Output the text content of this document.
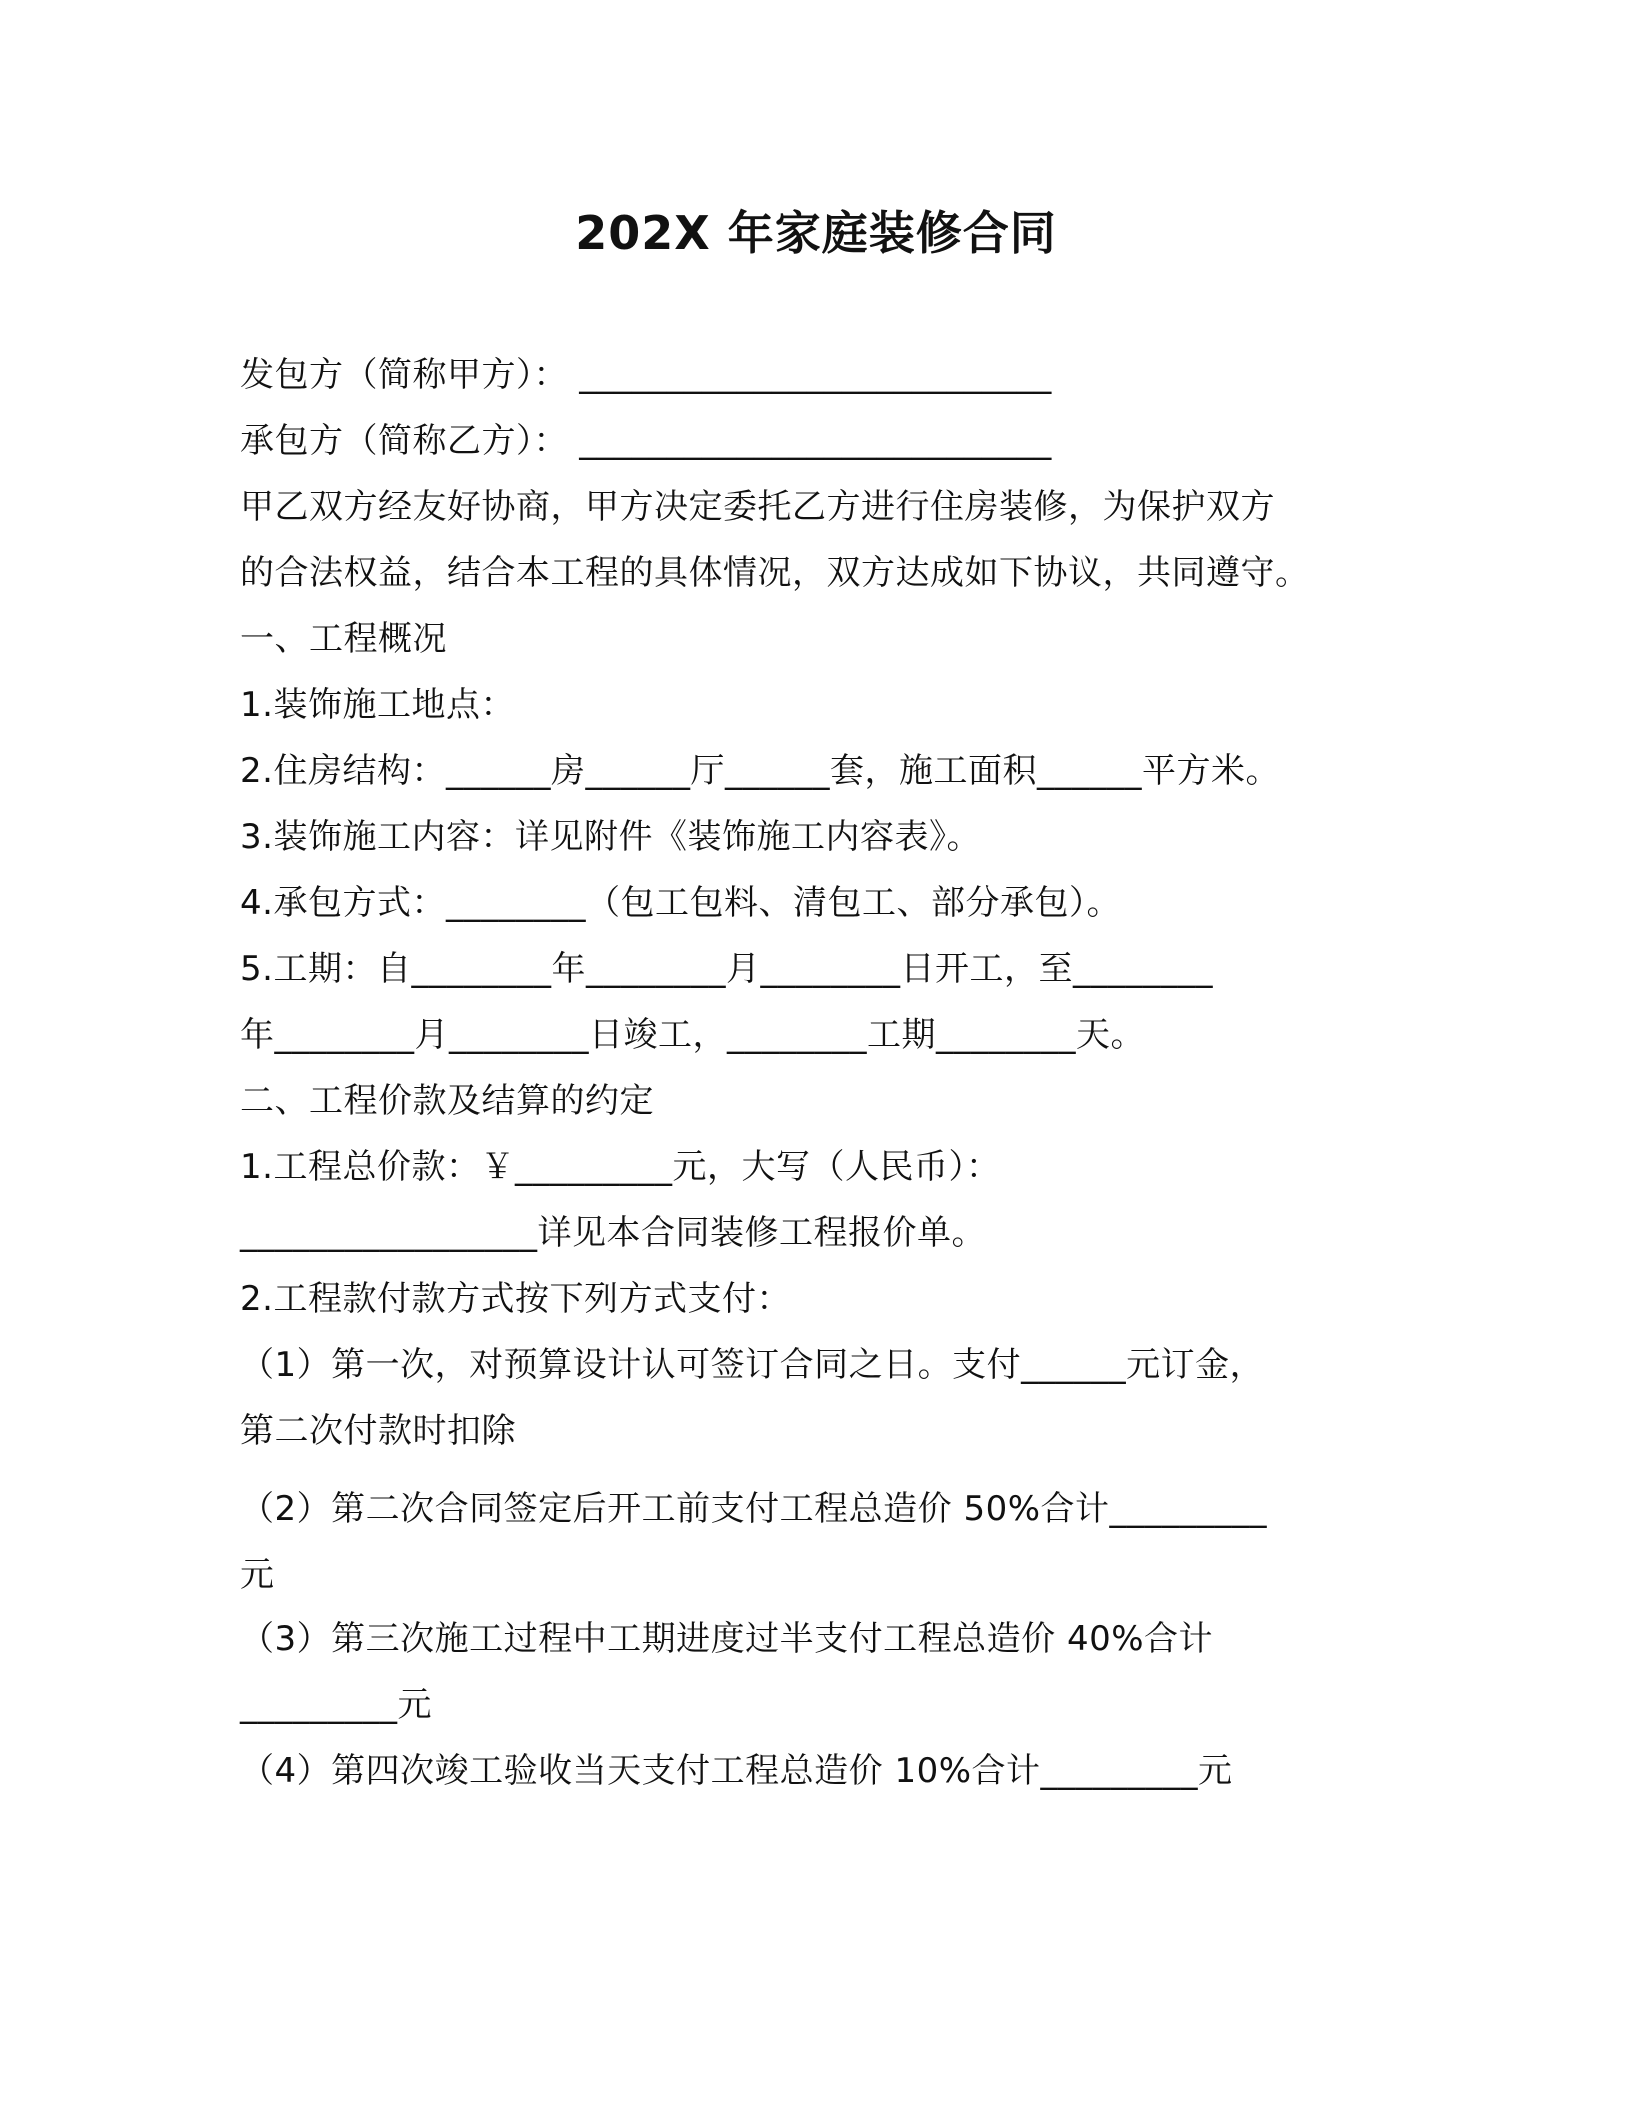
202X 年家庭装修合同
发包方（简称甲方）： ___________________________
承包方（简称乙方）： ___________________________
甲乙双方经友好协商，甲方决定委托乙方进行住房装修，为保护双方
的合法权益，结合本工程的具体情况，双方达成如下协议，共同遵守。
一、工程概况
1.装饰施工地点：
2.住房结构：______房______厅______套，施工面积______平方米。
3.装饰施工内容：详见附件《装饰施工内容表》。
4.承包方式：________（包工包料、清包工、部分承包）。
5.工期：自________年________月________日开工，至________
年________月________日竣工，________工期________天。
二、工程价款及结算的约定
1.工程总价款：￥_________元，大写（人民币）：
_________________详见本合同装修工程报价单。
2.工程款付款方式按下列方式支付：
（1）第一次，对预算设计认可签订合同之日。支付______元订金，
第二次付款时扣除
（2）第二次合同签定后开工前支付工程总造价 50%合计_________
元
（3）第三次施工过程中工期进度过半支付工程总造价 40%合计
_________元
（4）第四次竣工验收当天支付工程总造价 10%合计_________元
